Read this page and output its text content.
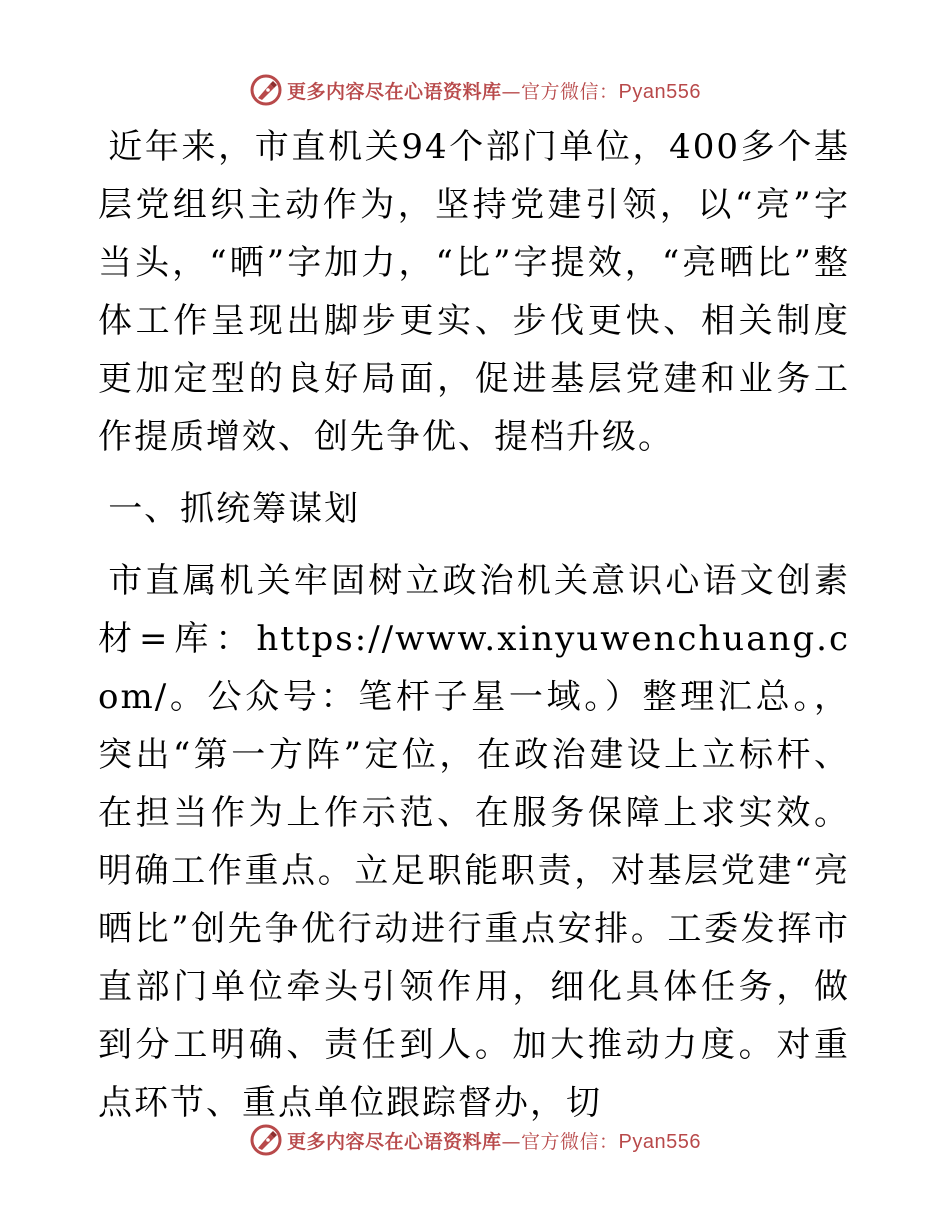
更多内容尽在心语资料库—官方微信：Pyan556

近年来，市直机关94个部门单位，400多个基层党组织主动作为，坚持党建引领，以“亮”字当头，“晒”字加力，“比”字提效，“亮晒比”整体工作呈现出脚步更实、步伐更快、相关制度更加定型的良好局面，促进基层党建和业务工作提质增效、创先争优、提档升级。

一、抓统筹谋划

市直属机关牢固树立政治机关意识心语文创素材=库：https://www.xinyuwenchuang.com/。公众号：笔杆子星一域。）整理汇总。，突出“第一方阵”定位，在政治建设上立标杆、在担当作为上作示范、在服务保障上求实效。明确工作重点。立足职能职责，对基层党建“亮晒比”创先争优行动进行重点安排。工委发挥市直部门单位牵头引领作用，细化具体任务，做到分工明确、责任到人。加大推动力度。对重点环节、重点单位跟踪督办，切

更多内容尽在心语资料库—官方微信：Pyan556
